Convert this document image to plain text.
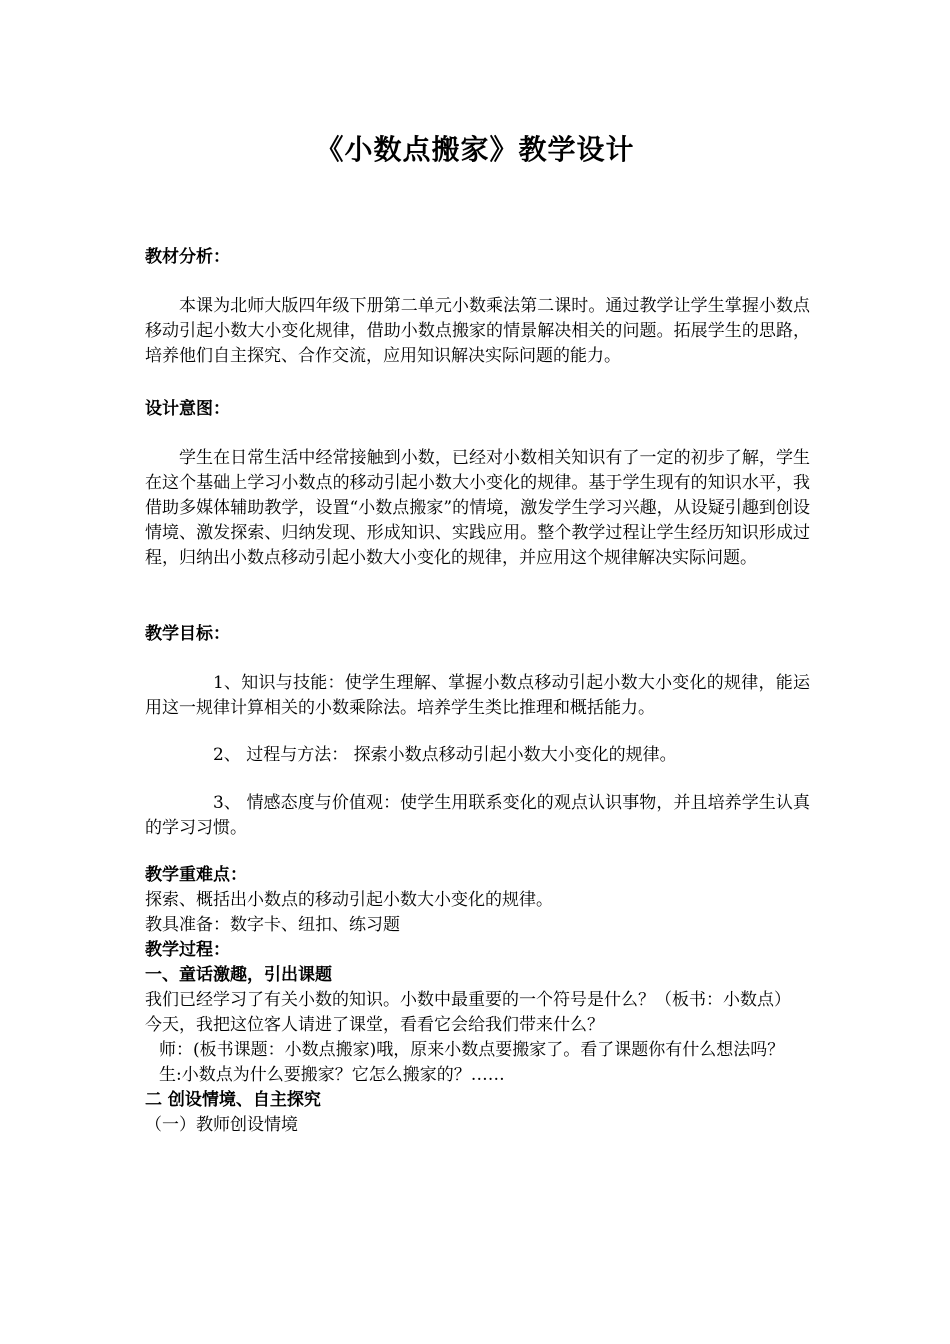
《小数点搬家》教学设计

教材分析：

本课为北师大版四年级下册第二单元小数乘法第二课时。通过教学让学生掌握小数点移动引起小数大小变化规律，借助小数点搬家的情景解决相关的问题。拓展学生的思路，培养他们自主探究、合作交流，应用知识解决实际问题的能力。

设计意图：

学生在日常生活中经常接触到小数，已经对小数相关知识有了一定的初步了解，学生在这个基础上学习小数点的移动引起小数大小变化的规律。基于学生现有的知识水平，我借助多媒体辅助教学，设置“小数点搬家”的情境，激发学生学习兴趣，从设疑引趣到创设情境、激发探索、归纳发现、形成知识、实践应用。整个教学过程让学生经历知识形成过程，归纳出小数点移动引起小数大小变化的规律，并应用这个规律解决实际问题。

教学目标：

1、知识与技能：使学生理解、掌握小数点移动引起小数大小变化的规律，能运用这一规律计算相关的小数乘除法。培养学生类比推理和概括能力。

2、 过程与方法： 探索小数点移动引起小数大小变化的规律。

3、 情感态度与价值观：使学生用联系变化的观点认识事物，并且培养学生认真的学习习惯。

教学重难点：

探索、概括出小数点的移动引起小数大小变化的规律。

教具准备：数字卡、纽扣、练习题

教学过程：

一、童话激趣，引出课题

我们已经学习了有关小数的知识。小数中最重要的一个符号是什么？（板书：小数点）

今天，我把这位客人请进了课堂，看看它会给我们带来什么？

师：(板书课题：小数点搬家)哦，原来小数点要搬家了。看了课题你有什么想法吗？

生:小数点为什么要搬家？它怎么搬家的？……

二 创设情境、自主探究

（一）教师创设情境
